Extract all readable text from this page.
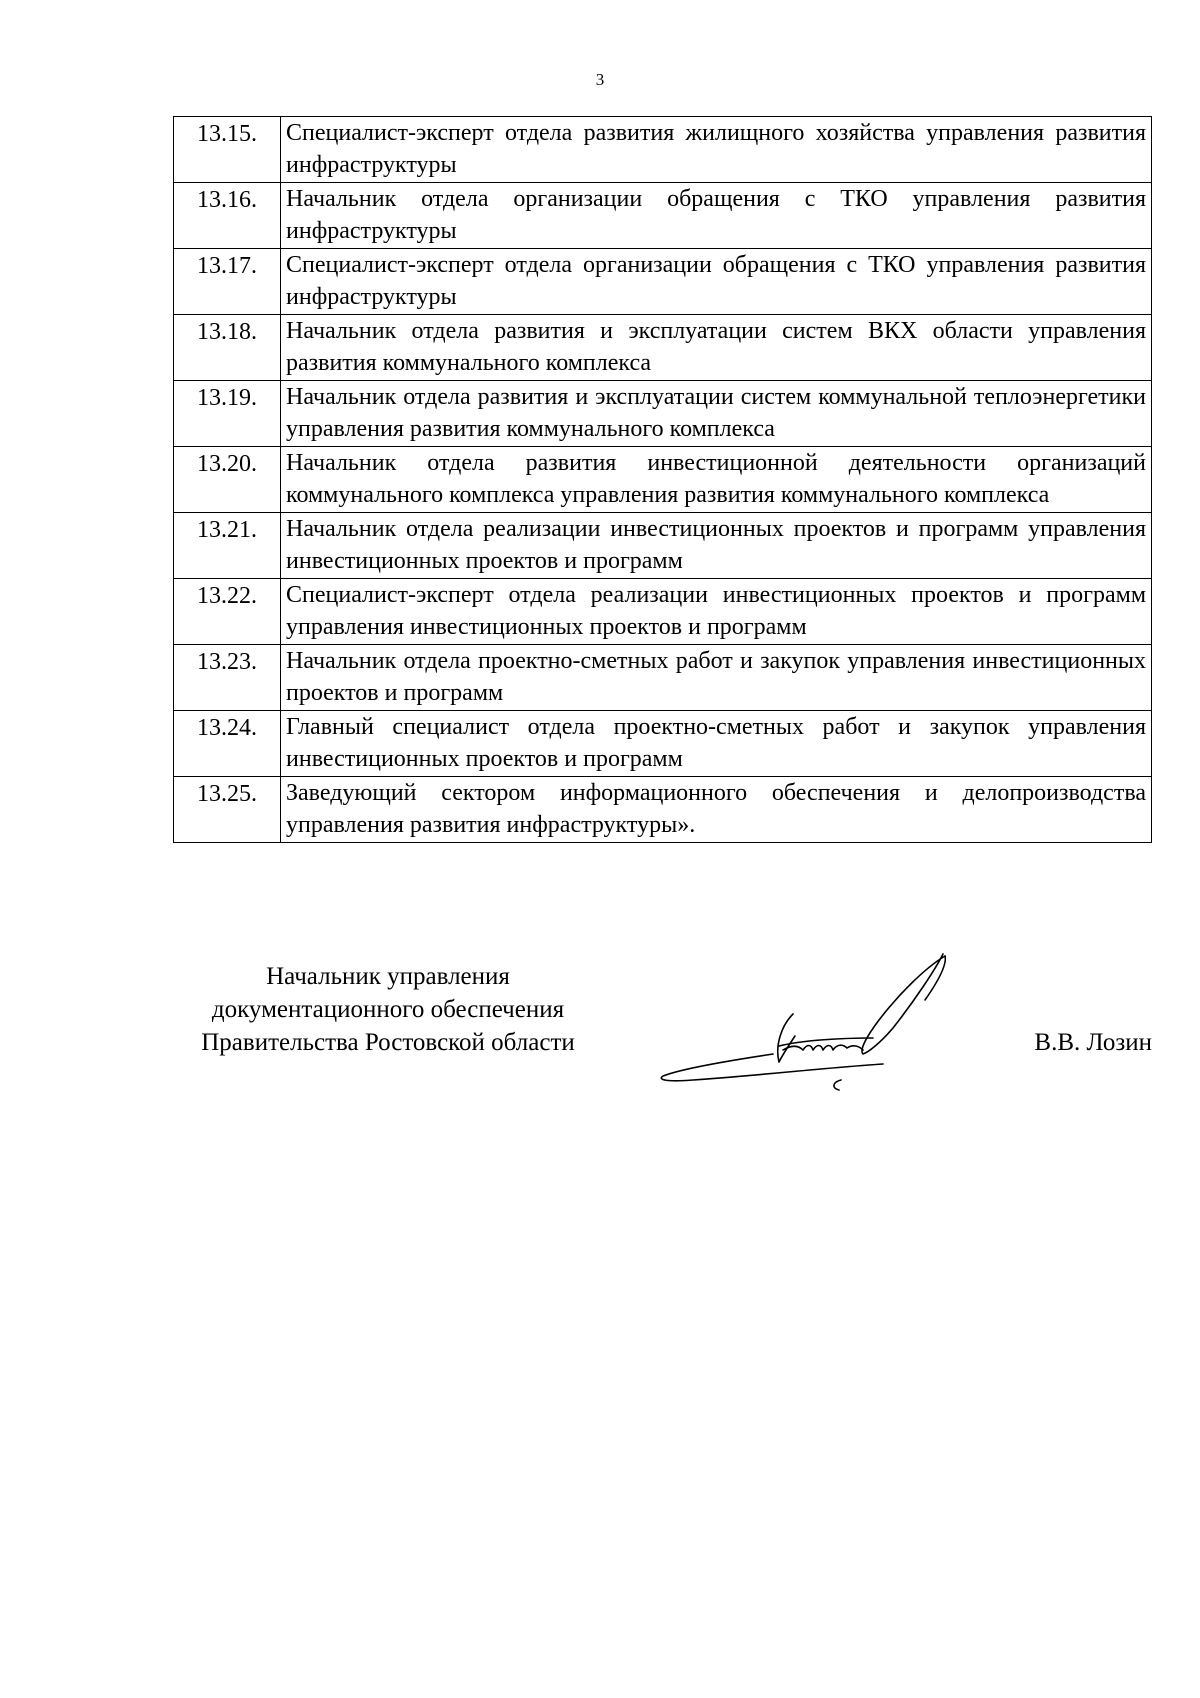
3
13.15.	Специалист-эксперт отдела развития жилищного хозяйства управления развития инфраструктуры
13.16.	Начальник отдела организации обращения с ТКО управления развития инфраструктуры
13.17.	Специалист-эксперт отдела организации обращения с ТКО управления развития инфраструктуры
13.18.	Начальник отдела развития и эксплуатации систем ВКХ области управления развития коммунального комплекса
13.19.	Начальник отдела развития и эксплуатации систем коммунальной теплоэнергетики управления развития коммунального комплекса
13.20.	Начальник отдела развития инвестиционной деятельности организаций коммунального комплекса управления развития коммунального комплекса
13.21.	Начальник отдела реализации инвестиционных проектов и программ управления инвестиционных проектов и программ
13.22.	Специалист-эксперт отдела реализации инвестиционных проектов и программ управления инвестиционных проектов и программ
13.23.	Начальник отдела проектно-сметных работ и закупок управления инвестиционных проектов и программ
13.24.	Главный специалист отдела проектно-сметных работ и закупок управления инвестиционных проектов и программ
13.25.	Заведующий сектором информационного обеспечения и делопроизводства управления развития инфраструктуры».
Начальник управления
документационного обеспечения
Правительства Ростовской области	В.В. Лозин
